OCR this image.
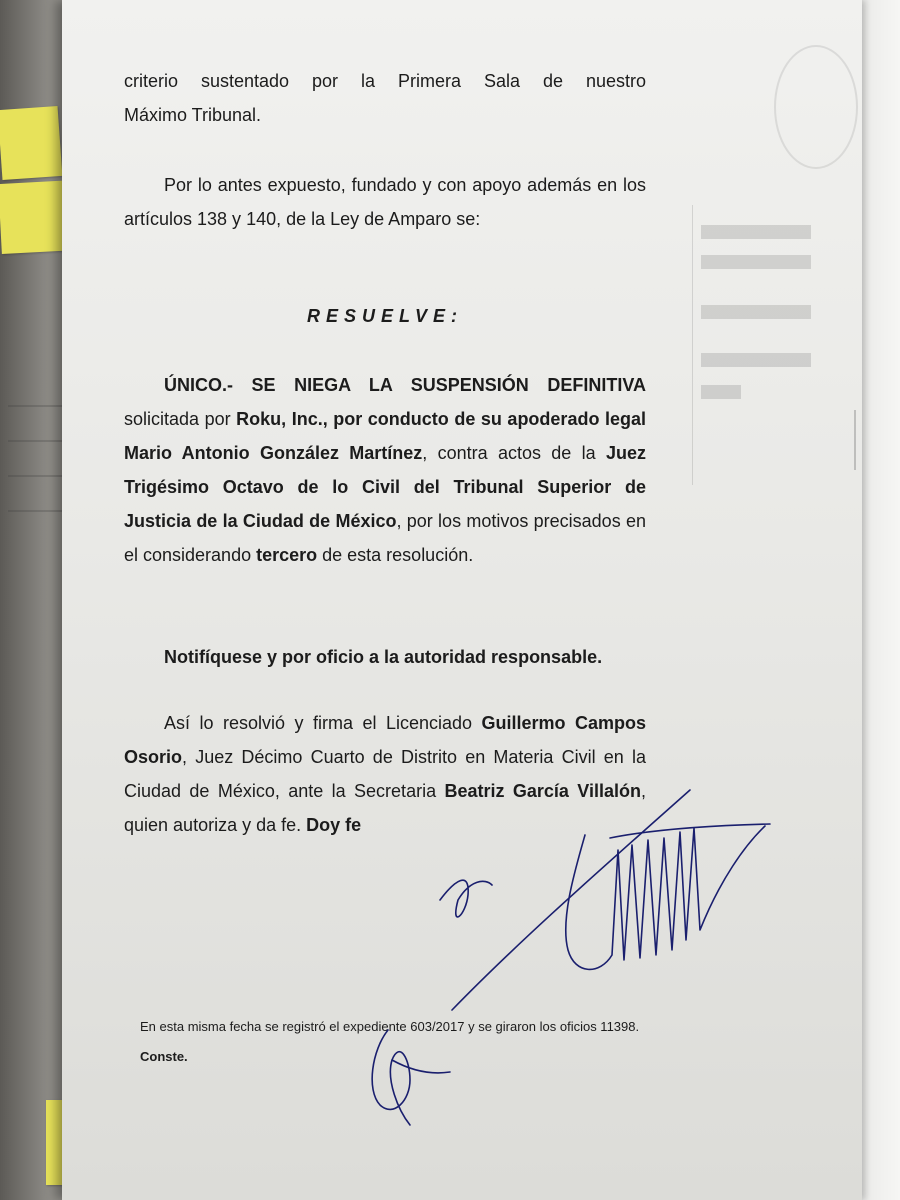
criterio sustentado por la Primera Sala de nuestro
Máximo Tribunal.
Por lo antes expuesto, fundado y con apoyo además en los artículos 138 y 140, de la Ley de Amparo se:
RESUELVE:
ÚNICO.- SE NIEGA LA SUSPENSIÓN DEFINITIVA solicitada por Roku, Inc., por conducto de su apoderado legal Mario Antonio González Martínez, contra actos de la Juez Trigésimo Octavo de lo Civil del Tribunal Superior de Justicia de la Ciudad de México, por los motivos precisados en el considerando tercero de esta resolución.
Notifíquese y por oficio a la autoridad responsable.
Así lo resolvió y firma el Licenciado Guillermo Campos Osorio, Juez Décimo Cuarto de Distrito en Materia Civil en la Ciudad de México, ante la Secretaria Beatriz García Villalón, quien autoriza y da fe. Doy fe
En esta misma fecha se registró el expediente 603/2017 y se giraron los oficios 11398. Conste.
